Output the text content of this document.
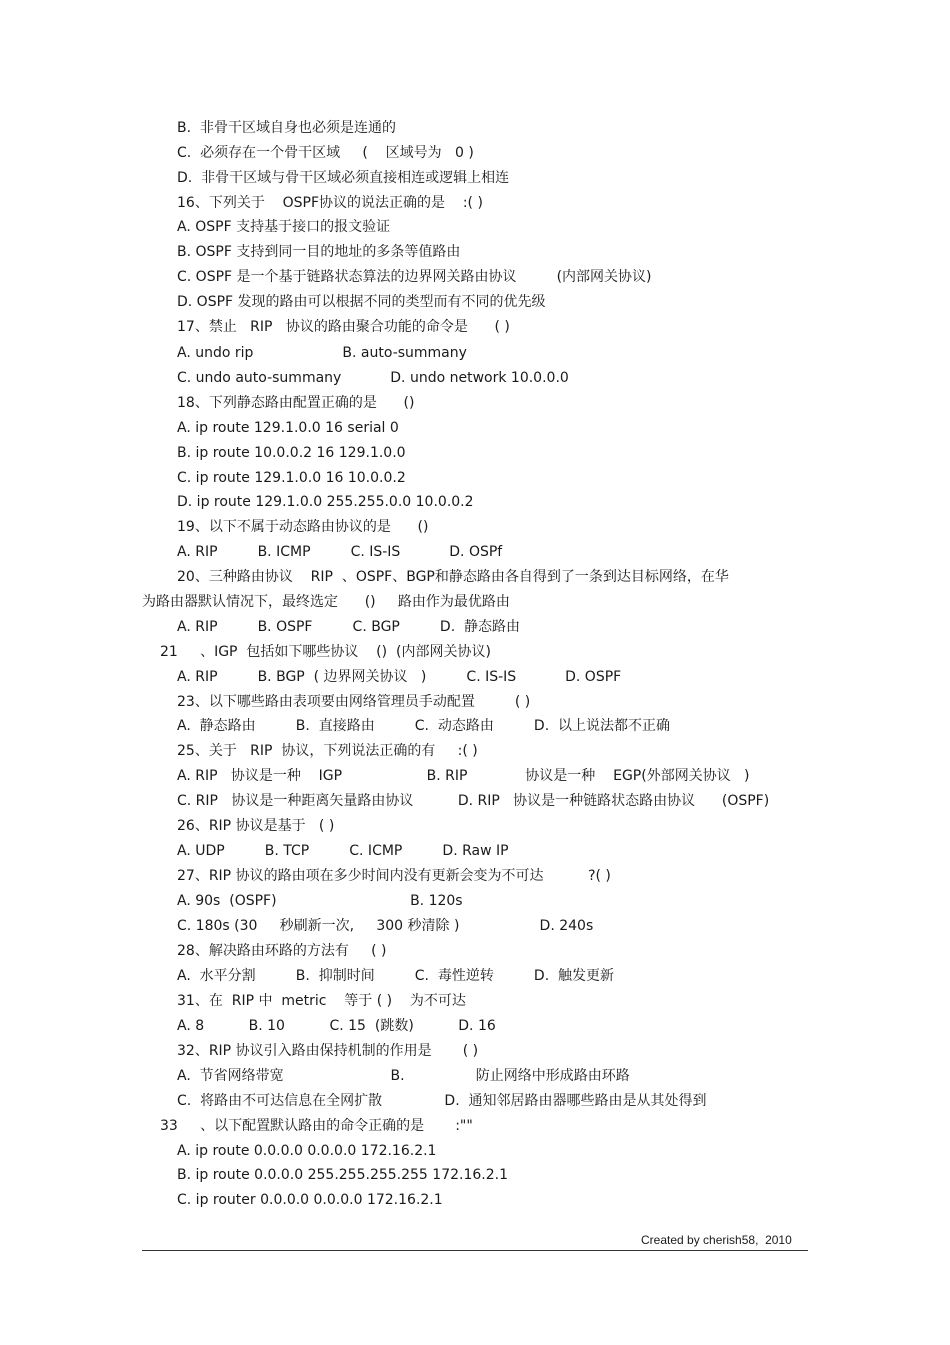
B.  非骨干区域自身也必须是连通的
C.  必须存在一个骨干区域     (    区域号为   0 )
D.  非骨干区域与骨干区域必须直接相连或逻辑上相连
16、下列关于    OSPF协议的说法正确的是    :( )
A. OSPF 支持基于接口的报文验证
B. OSPF 支持到同一目的地址的多条等值路由
C. OSPF 是一个基于链路状态算法的边界网关路由协议         (内部网关协议)
D. OSPF 发现的路由可以根据不同的类型而有不同的优先级
17、禁止   RIP   协议的路由聚合功能的命令是      ( )
A. undo rip                    B. auto-summany
C. undo auto-summany           D. undo network 10.0.0.0
18、下列静态路由配置正确的是      ()
A. ip route 129.1.0.0 16 serial 0
B. ip route 10.0.0.2 16 129.1.0.0
C. ip route 129.1.0.0 16 10.0.0.2
D. ip route 129.1.0.0 255.255.0.0 10.0.0.2
19、以下不属于动态路由协议的是      ()
A. RIP         B. ICMP         C. IS-IS           D. OSPf
20、三种路由协议    RIP  、OSPF、BGP和静态路由各自得到了一条到达目标网络，在华
为路由器默认情况下，最终选定      ()     路由作为最优路由
A. RIP         B. OSPF         C. BGP         D.  静态路由
21     、IGP  包括如下哪些协议    ()  (内部网关协议)
A. RIP         B. BGP  ( 边界网关协议   )         C. IS-IS           D. OSPF
23、以下哪些路由表项要由网络管理员手动配置         ( )
A.  静态路由         B.  直接路由         C.  动态路由         D.  以上说法都不正确
25、关于   RIP  协议，下列说法正确的有     :( )
A. RIP   协议是一种    IGP                   B. RIP             协议是一种    EGP(外部网关协议   )
C. RIP   协议是一种距离矢量路由协议          D. RIP   协议是一种链路状态路由协议      (OSPF)
26、RIP 协议是基于   ( )
A. UDP         B. TCP         C. ICMP         D. Raw IP
27、RIP 协议的路由项在多少时间内没有更新会变为不可达          ?( )
A. 90s  (OSPF)                              B. 120s
C. 180s (30     秒刷新一次,     300 秒清除 )                  D. 240s
28、解决路由环路的方法有     ( )
A.  水平分割         B.  抑制时间         C.  毒性逆转         D.  触发更新
31、在  RIP 中  metric    等于 ( )    为不可达
A. 8          B. 10          C. 15  (跳数)          D. 16
32、RIP 协议引入路由保持机制的作用是       ( )
A.  节省网络带宽                        B.                防止网络中形成路由环路
C.  将路由不可达信息在全网扩散              D.  通知邻居路由器哪些路由是从其处得到
33     、以下配置默认路由的命令正确的是       :""
A. ip route 0.0.0.0 0.0.0.0 172.16.2.1
B. ip route 0.0.0.0 255.255.255.255 172.16.2.1
C. ip router 0.0.0.0 0.0.0.0 172.16.2.1
Created by cherish58,  2010
